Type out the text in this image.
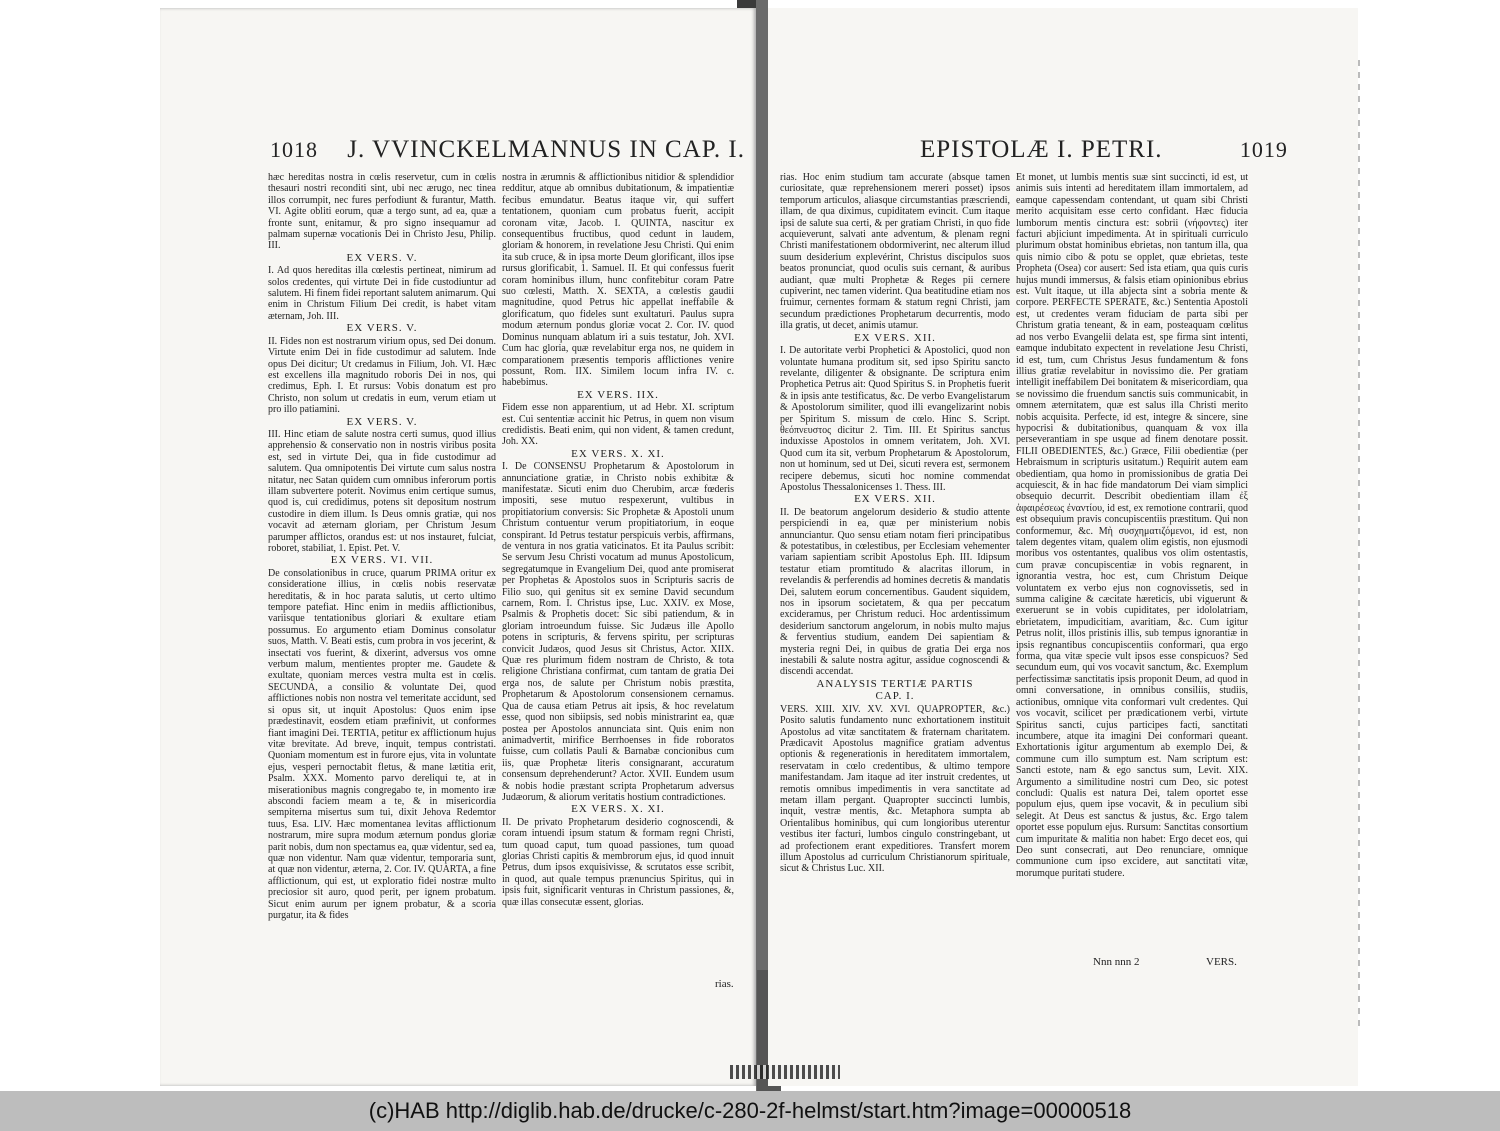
1018 J. VVINCKELMANNUS IN CAP. I.

hæc hereditas nostra in cœlis reservetur, cum in cœlis thesauri nostri reconditi sint, ubi nec ærugo, nec tinea illos corrumpit, nec fures perfodiunt & furantur, Matth. VI. Agite obliti eorum, quæ a tergo sunt, ad ea, quæ a fronte sunt, enitamur, & pro signo insequamur ad palmam supernæ vocationis Dei in Christo Jesu, Philip. III.

EX VERS. V.

I. Ad quos hereditas illa cœlestis pertineat, nimirum ad solos credentes, qui virtute Dei in fide custodiuntur ad salutem. Hi finem fidei reportant salutem animarum. Qui enim in Christum Filium Dei credit, is habet vitam æternam, Joh. III.

EX VERS. V.

II. Fides non est nostrarum virium opus, sed Dei donum. Virtute enim Dei in fide custodimur ad salutem. Inde opus Dei dicitur; Ut credamus in Filium, Joh. VI. Hæc est excellens illa magnitudo roboris Dei in nos, qui credimus, Eph. I. Et rursus: Vobis donatum est pro Christo, non solum ut credatis in eum, verum etiam ut pro illo patiamini.

EX VERS. V.

III. Hinc etiam de salute nostra certi sumus, quod illius apprehensio & conservatio non in nostris viribus posita est, sed in virtute Dei, qua in fide custodimur ad salutem. Qua omnipotentis Dei virtute cum salus nostra nitatur, nec Satan quidem cum omnibus inferorum portis illam subvertere poterit. Novimus enim certique sumus, quod is, cui credidimus, potens sit depositum nostrum custodire in diem illum. Is Deus omnis gratiæ, qui nos vocavit ad æternam gloriam, per Christum Jesum parumper afflictos, orandus est: ut nos instauret, fulciat, roboret, stabiliat, 1. Epist. Pet. V.

EX VERS. VI. VII.

De consolationibus in cruce, quarum PRIMA oritur ex consideratione illius, in cœlis nobis reservatæ hereditatis, & in hoc parata salutis, ut certo ultimo tempore patefiat. Hinc enim in mediis afflictionibus, variisque tentationibus gloriari & exultare etiam possumus. Eo argumento etiam Dominus consolatur suos, Matth. V. Beati estis, cum probra in vos jecerint, & insectati vos fuerint, & dixerint, adversus vos omne verbum malum, mentientes propter me. Gaudete & exultate, quoniam merces vestra multa est in cœlis. SECUNDA, a consilio & voluntate Dei, quod afflictiones nobis non nostra vel temeritate accidunt, sed si opus sit, ut inquit Apostolus: Quos enim ipse prædestinavit, eosdem etiam præfinivit, ut conformes fiant imagini Dei. TERTIA, petitur ex afflictionum hujus vitæ brevitate. Ad breve, inquit, tempus contristati. Quoniam momentum est in furore ejus, vita in voluntate ejus, vesperi pernoctabit fletus, & mane lætitia erit, Psalm. XXX. Momento parvo dereliqui te, at in miserationibus magnis congregabo te, in momento iræ abscondi faciem meam a te, & in misericordia sempiterna misertus sum tui, dixit Jehova Redemtor tuus, Esa. LIV. Hæc momentanea levitas afflictionum nostrarum, mire supra modum æternum pondus gloriæ parit nobis, dum non spectamus ea, quæ videntur, sed ea, quæ non videntur. Nam quæ videntur, temporaria sunt, at quæ non videntur, æterna, 2. Cor. IV. QUARTA, a fine afflictionum, qui est, ut exploratio fidei nostræ multo preciosior sit auro, quod perit, per ignem probatum. Sicut enim aurum per ignem probatur, & a scoria purgatur, ita & fides

nostra in ærumnis & afflictionibus nitidior & splendidior redditur, atque ab omnibus dubitationum, & impatientiæ fecibus emundatur. Beatus itaque vir, qui suffert tentationem, quoniam cum probatus fuerit, accipit coronam vitæ, Jacob. I. QUINTA, nascitur ex consequentibus fructibus, quod cedunt in laudem, gloriam & honorem, in revelatione Jesu Christi. Qui enim ita sub cruce, & in ipsa morte Deum glorificant, illos ipse rursus glorificabit, 1. Samuel. II. Et qui confessus fuerit coram hominibus illum, hunc confitebitur coram Patre suo cœlesti, Matth. X. SEXTA, a cœlestis gaudii magnitudine, quod Petrus hic appellat ineffabile & glorificatum, quo fideles sunt exultaturi. Paulus supra modum æternum pondus gloriæ vocat 2. Cor. IV. quod Dominus nunquam ablatum iri a suis testatur, Joh. XVI. Cum hac gloria, quæ revelabitur erga nos, ne quidem in comparationem præsentis temporis afflictiones venire possunt, Rom. IIX. Similem locum infra IV. c. habebimus.

EX VERS. IIX.

Fidem esse non apparentium, ut ad Hebr. XI. scriptum est. Cui sententiæ accinit hic Petrus, in quem non visum credidistis. Beati enim, qui non vident, & tamen credunt, Joh. XX.

EX VERS. X. XI.

I. De CONSENSU Prophetarum & Apostolorum in annunciatione gratiæ, in Christo nobis exhibitæ & manifestatæ. Sicuti enim duo Cherubim, arcæ fœderis impositi, sese mutuo respexerunt, vultibus in propitiatorium conversis: Sic Prophetæ & Apostoli unum Christum contuentur verum propitiatorium, in eoque conspirant. Id Petrus testatur perspicuis verbis, affirmans, de ventura in nos gratia vaticinatos. Et ita Paulus scribit: Se servum Jesu Christi vocatum ad munus Apostolicum, segregatumque in Evangelium Dei, quod ante promiserat per Prophetas & Apostolos suos in Scripturis sacris de Filio suo, qui genitus sit ex semine David secundum carnem, Rom. I. Christus ipse, Luc. XXIV. ex Mose, Psalmis & Prophetis docet: Sic sibi patiendum, & in gloriam introeundum fuisse. Sic Judæus ille Apollo potens in scripturis, & fervens spiritu, per scripturas convicit Judæos, quod Jesus sit Christus, Actor. XIIX. Quæ res plurimum fidem nostram de Christo, & tota religione Christiana confirmat, cum tantam de gratia Dei erga nos, de salute per Christum nobis præstita, Prophetarum & Apostolorum consensionem cernamus. Qua de causa etiam Petrus ait ipsis, & hoc revelatum esse, quod non sibiipsis, sed nobis ministrarint ea, quæ postea per Apostolos annunciata sint. Quis enim non animadvertit, mirifice Berrhoenses in fide roboratos fuisse, cum collatis Pauli & Barnabæ concionibus cum iis, quæ Prophetæ literis consignarant, accuratum consensum deprehenderunt? Actor. XVII. Eundem usum & nobis hodie præstant scripta Prophetarum adversus Judæorum, & aliorum veritatis hostium contradictiones.

EX VERS. X. XI.

II. De privato Prophetarum desiderio cognoscendi, & coram intuendi ipsum statum & formam regni Christi, tum quoad caput, tum quoad passiones, tum quoad glorias Christi capitis & membrorum ejus, id quod innuit Petrus, dum ipsos exquisivisse, & scrutatos esse scribit, in quod, aut quale tempus prænuncius Spiritus, qui in ipsis fuit, significarit venturas in Christum passiones, &, quæ illas consecutæ essent, glorias.

rias.
EPISTOLÆ I. PETRI.	1019

rias. Hoc enim studium tam accurate (absque tamen curiositate, quæ reprehensionem mereri posset) ipsos temporum articulos, aliasque circumstantias præscriendi, illam, de qua diximus, cupiditatem evincit. Cum itaque ipsi de salute sua certi, & per gratiam Christi, in quo fide acquieverunt, salvati ante adventum, & plenam regni Christi manifestationem obdormiverint, nec alterum illud suum desiderium explevérint, Christus discipulos suos beatos pronunciat, quod oculis suis cernant, & auribus audiant, quæ multi Prophetæ & Reges pii cernere cupiverint, nec tamen viderint. Qua beatitudine etiam nos fruimur, cernentes formam & statum regni Christi, jam secundum prædictiones Prophetarum decurrentis, modo illa gratis, ut decet, animis utamur.

EX VERS. XII.

I. De autoritate verbi Prophetici & Apostolici, quod non voluntate humana proditum sit, sed ipso Spiritu sancto revelante, diligenter & obsignante. De scriptura enim Prophetica Petrus ait: Quod Spiritus S. in Prophetis fuerit & in ipsis ante testificatus, &c. De verbo Evangelistarum & Apostolorum similiter, quod illi evangelizarint nobis per Spiritum S. missum de cœlo. Hinc S. Script. θεόπνευστος dicitur 2. Tim. III. Et Spiritus sanctus induxisse Apostolos in omnem veritatem, Joh. XVI. Quod cum ita sit, verbum Prophetarum & Apostolorum, non ut hominum, sed ut Dei, sicuti revera est, sermonem recipere debemus, sicuti hoc nomine commendat Apostolus Thessalonicenses 1. Thess. III.

EX VERS. XII.

II. De beatorum angelorum desiderio & studio attente perspiciendi in ea, quæ per ministerium nobis annunciantur. Quo sensu etiam notam fieri principatibus & potestatibus, in cœlestibus, per Ecclesiam vehementer variam sapientiam scribit Apostolus Eph. III. Idipsum testatur etiam promtitudo & alacritas illorum, in revelandis & perferendis ad homines decretis & mandatis Dei, salutem eorum concernentibus. Gaudent siquidem, nos in ipsorum societatem, & qua per peccatum excideramus, per Christum reduci. Hoc ardentissimum desiderium sanctorum angelorum, in nobis multo majus & ferventius studium, eandem Dei sapientiam & mysteria regni Dei, in quibus de gratia Dei erga nos inestabili & salute nostra agitur, assidue cognoscendi & discendi accendat.

ANALYSIS TERTIÆ PARTIS
CAP. I.

VERS. XIII. XIV. XV. XVI. QUAPROPTER, &c.) Posito salutis fundamento nunc exhortationem instituit Apostolus ad vitæ sanctitatem & fraternam charitatem. Prædicavit Apostolus magnifice gratiam adventus optionis & regenerationis in hereditatem immortalem, reservatam in cœlo credentibus, & ultimo tempore manifestandam. Jam itaque ad iter instruit credentes, ut remotis omnibus impedimentis in vera sanctitate ad metam illam pergant. Quapropter succincti lumbis, inquit, vestræ mentis, &c. Metaphora sumpta ab Orientalibus hominibus, qui cum longioribus uterentur vestibus iter facturi, lumbos cingulo constringebant, ut ad profectionem erant expeditiores. Transfert morem illum Apostolus ad curriculum Christianorum spirituale, sicut & Christus Luc. XII.

Et monet, ut lumbis mentis suæ sint succincti, id est, ut animis suis intenti ad hereditatem illam immortalem, ad eamque capessendam contendant, ut quam sibi Christi merito acquisitam esse certo confidant. Hæc fiducia lumborum mentis cinctura est: sobrii (νήφοντες) iter facturi abjiciunt impedimenta. At in spirituali curriculo plurimum obstat hominibus ebrietas, non tantum illa, qua quis nimio cibo & potu se opplet, quæ ebrietas, teste Propheta (Osea) cor ausert: Sed ista etiam, qua quis curis hujus mundi immersus, & falsis etiam opinionibus ebrius est. Vult itaque, ut illa abjecta sint a sobria mente & corpore. PERFECTE SPERATE, &c.) Sententia Apostoli est, ut credentes veram fiduciam de parta sibi per Christum gratia teneant, & in eam, posteaquam cœlitus ad nos verbo Evangelii delata est, spe firma sint intenti, eamque indubitato expectent in revelatione Jesu Christi, id est, tum, cum Christus Jesus fundamentum & fons illius gratiæ revelabitur in novissimo die. Per gratiam intelligit ineffabilem Dei bonitatem & misericordiam, qua se novissimo die fruendum sanctis suis communicabit, in omnem æternitatem, quæ est salus illa Christi merito nobis acquisita. Perfecte, id est, integre & sincere, sine hypocrisi & dubitationibus, quanquam & vox illa perseverantiam in spe usque ad finem denotare possit. FILII OBEDIENTES, &c.) Græce, Filii obedientiæ (per Hebraismum in scripturis usitatum.) Requirit autem eam obedientiam, qua homo in promissionibus de gratia Dei acquiescit, & in hac fide mandatorum Dei viam simplici obsequio decurrit. Describit obedientiam illam ἐξ ἀφαιρέσεως ἐναντίου, id est, ex remotione contrarii, quod est obsequium pravis concupiscentiis præstitum. Qui non conformemur, &c. Μὴ συσχηματιζόμενοι, id est, non talem degentes vitam, qualem olim egistis, non ejusmodi moribus vos ostentantes, qualibus vos olim ostentastis, cum pravæ concupiscentiæ in vobis regnarent, in ignorantia vestra, hoc est, cum Christum Deique voluntatem ex verbo ejus non cognovissetis, sed in summa caligine & cæcitate hæreticis, ubi viguerunt & exeruerunt se in vobis cupiditates, per idololatriam, ebrietatem, impudicitiam, avaritiam, &c. Cum igitur Petrus nolit, illos pristinis illis, sub tempus ignorantiæ in ipsis regnantibus concupiscentiis conformari, qua ergo forma, qua vitæ specie vult ipsos esse conspicuos? Sed secundum eum, qui vos vocavit sanctum, &c. Exemplum perfectissimæ sanctitatis ipsis proponit Deum, ad quod in omni conversatione, in omnibus consiliis, studiis, actionibus, omnique vita conformari vult credentes. Qui vos vocavit, scilicet per prædicationem verbi, virtute Spiritus sancti, cujus participes facti, sanctitati incumbere, atque ita imagini Dei conformari queant. Exhortationis igitur argumentum ab exemplo Dei, & commune cum illo sumptum est. Nam scriptum est: Sancti estote, nam & ego sanctus sum, Levit. XIX. Argumento a similitudine nostri cum Deo, sic potest concludi: Qualis est natura Dei, talem oportet esse populum ejus, quem ipse vocavit, & in peculium sibi selegit. At Deus est sanctus & justus, &c. Ergo talem oportet esse populum ejus. Rursum: Sanctitas consortium cum impuritate & malitia non habet: Ergo decet eos, qui Deo sunt consecrati, aut Deo renunciare, omnique communione cum ipso excidere, aut sanctitati vitæ, morumque puritati studere.

Nnn nnn 2	VERS.
(c)HAB http://diglib.hab.de/drucke/c-280-2f-helmst/start.htm?image=00000518
